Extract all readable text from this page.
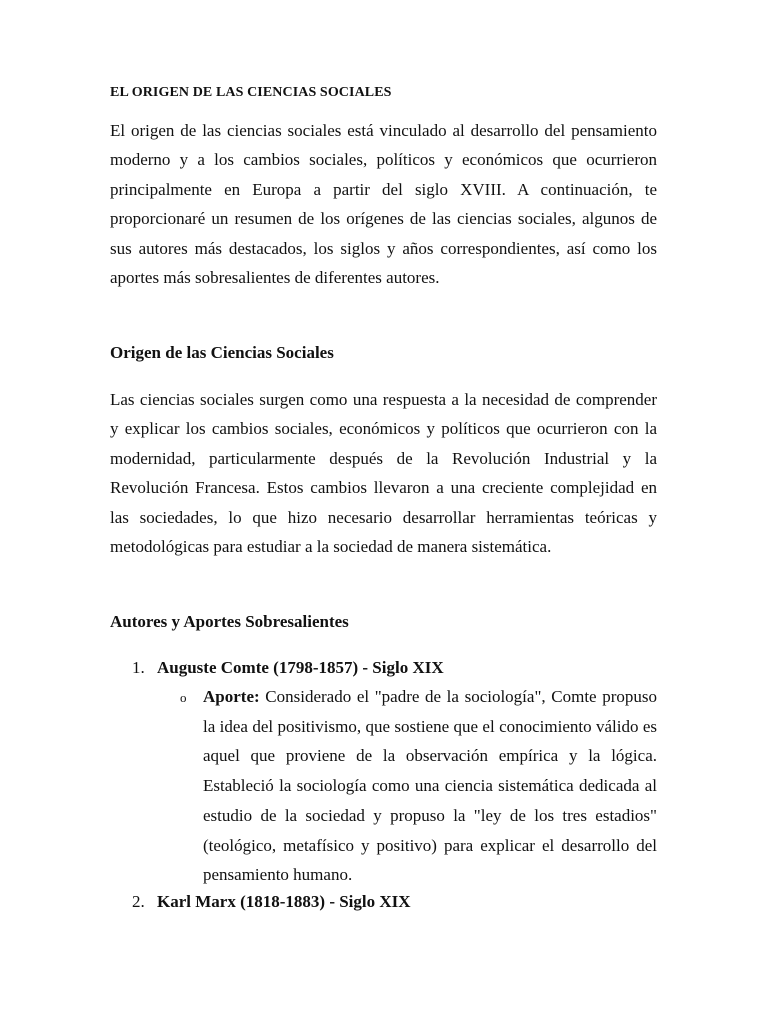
EL ORIGEN DE LAS CIENCIAS SOCIALES

El origen de las ciencias sociales está vinculado al desarrollo del pensamiento moderno y a los cambios sociales, políticos y económicos que ocurrieron principalmente en Europa a partir del siglo XVIII. A continuación, te proporcionaré un resumen de los orígenes de las ciencias sociales, algunos de sus autores más destacados, los siglos y años correspondientes, así como los aportes más sobresalientes de diferentes autores.

Origen de las Ciencias Sociales

Las ciencias sociales surgen como una respuesta a la necesidad de comprender y explicar los cambios sociales, económicos y políticos que ocurrieron con la modernidad, particularmente después de la Revolución Industrial y la Revolución Francesa. Estos cambios llevaron a una creciente complejidad en las sociedades, lo que hizo necesario desarrollar herramientas teóricas y metodológicas para estudiar a la sociedad de manera sistemática.

Autores y Aportes Sobresalientes
1. Auguste Comte (1798-1857) - Siglo XIX
o Aporte: Considerado el "padre de la sociología", Comte propuso la idea del positivismo, que sostiene que el conocimiento válido es aquel que proviene de la observación empírica y la lógica. Estableció la sociología como una ciencia sistemática dedicada al estudio de la sociedad y propuso la "ley de los tres estadios" (teológico, metafísico y positivo) para explicar el desarrollo del pensamiento humano.

2. Karl Marx (1818-1883) - Siglo XIX
